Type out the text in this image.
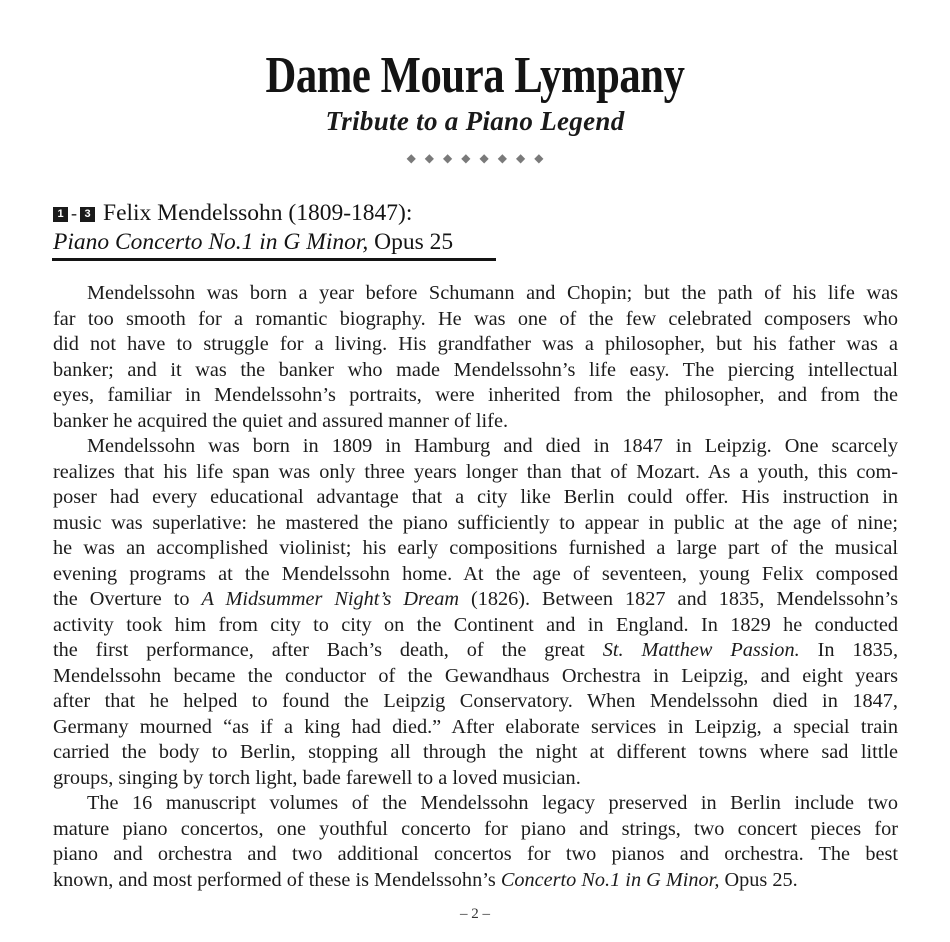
Dame Moura Lympany
Tribute to a Piano Legend
◆◆◆◆◆◆◆◆
1 - 3 Felix Mendelssohn (1809-1847):
Piano Concerto No.1 in G Minor, Opus 25
Mendelssohn was born a year before Schumann and Chopin; but the path of his life was
far too smooth for a romantic biography. He was one of the few celebrated composers who
did not have to struggle for a living. His grandfather was a philosopher, but his father was a
banker; and it was the banker who made Mendelssohn’s life easy. The piercing intellectual
eyes, familiar in Mendelssohn’s portraits, were inherited from the philosopher, and from the
banker he acquired the quiet and assured manner of life.
Mendelssohn was born in 1809 in Hamburg and died in 1847 in Leipzig. One scarcely
realizes that his life span was only three years longer than that of Mozart. As a youth, this com-
poser had every educational advantage that a city like Berlin could offer. His instruction in
music was superlative: he mastered the piano sufficiently to appear in public at the age of nine;
he was an accomplished violinist; his early compositions furnished a large part of the musical
evening programs at the Mendelssohn home. At the age of seventeen, young Felix composed
the Overture to A Midsummer Night’s Dream (1826). Between 1827 and 1835, Mendelssohn’s
activity took him from city to city on the Continent and in England. In 1829 he conducted
the first performance, after Bach’s death, of the great St. Matthew Passion. In 1835,
Mendelssohn became the conductor of the Gewandhaus Orchestra in Leipzig, and eight years
after that he helped to found the Leipzig Conservatory. When Mendelssohn died in 1847,
Germany mourned “as if a king had died.” After elaborate services in Leipzig, a special train
carried the body to Berlin, stopping all through the night at different towns where sad little
groups, singing by torch light, bade farewell to a loved musician.
The 16 manuscript volumes of the Mendelssohn legacy preserved in Berlin include two
mature piano concertos, one youthful concerto for piano and strings, two concert pieces for
piano and orchestra and two additional concertos for two pianos and orchestra. The best
known, and most performed of these is Mendelssohn’s Concerto No.1 in G Minor, Opus 25.
– 2 –
